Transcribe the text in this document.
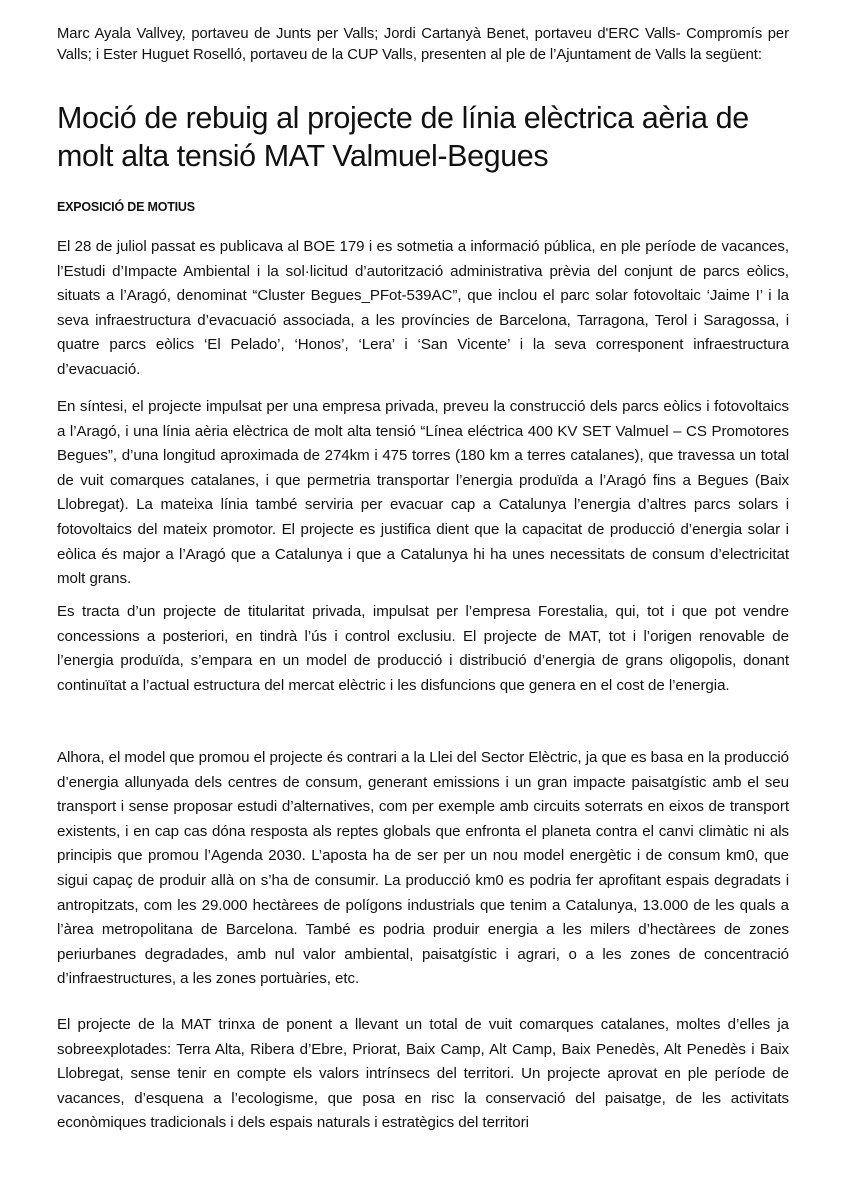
Marc Ayala Vallvey, portaveu de Junts per Valls; Jordi Cartanyà Benet, portaveu d'ERC Valls- Compromís per Valls; i Ester Huguet Roselló, portaveu de la CUP Valls, presenten al ple de l’Ajuntament de Valls la següent:
Moció de rebuig al projecte de línia elèctrica aèria de molt alta tensió MAT Valmuel-Begues
EXPOSICIÓ DE MOTIUS

El 28 de juliol passat es publicava al BOE 179 i es sotmetia a informació pública, en ple període de vacances, l’Estudi d’Impacte Ambiental i la sol·licitud d’autorització administrativa prèvia del conjunt de parcs eòlics, situats a l’Aragó, denominat “Cluster Begues_PFot-539AC”, que inclou el parc solar fotovoltaic ‘Jaime I’ i la seva infraestructura d’evacuació associada, a les províncies de Barcelona, Tarragona, Terol i Saragossa, i quatre parcs eòlics ‘El Pelado’, ‘Honos’, ‘Lera’ i ‘San Vicente’ i la seva corresponent infraestructura d’evacuació.

En síntesi, el projecte impulsat per una empresa privada, preveu la construcció dels parcs eòlics i fotovoltaics a l’Aragó, i una línia aèria elèctrica de molt alta tensió “Línea eléctrica 400 KV SET Valmuel – CS Promotores Begues”, d’una longitud aproximada de 274km i 475 torres (180 km a terres catalanes), que travessa un total de vuit comarques catalanes, i que permetria transportar l’energia produïda a l’Aragó fins a Begues (Baix Llobregat). La mateixa línia també serviria per evacuar cap a Catalunya l’energia d’altres parcs solars i fotovoltaics del mateix promotor. El projecte es justifica dient que la capacitat de producció d’energia solar i eòlica és major a l’Aragó que a Catalunya i que a Catalunya hi ha unes necessitats de consum d’electricitat molt grans.

Es tracta d’un projecte de titularitat privada, impulsat per l’empresa Forestalia, qui, tot i que pot vendre concessions a posteriori, en tindrà l’ús i control exclusiu. El projecte de MAT, tot i l’origen renovable de l’energia produïda, s’empara en un model de producció i distribució d’energia de grans oligopolis, donant continuïtat a l’actual estructura del mercat elèctric i les disfuncions que genera en el cost de l’energia.

Alhora, el model que promou el projecte és contrari a la Llei del Sector Elèctric, ja que es basa en la producció d’energia allunyada dels centres de consum, generant emissions i un gran impacte paisatgístic amb el seu transport i sense proposar estudi d’alternatives, com per exemple amb circuits soterrats en eixos de transport existents, i en cap cas dóna resposta als reptes globals que enfronta el planeta contra el canvi climàtic ni als principis que promou l’Agenda 2030. L’aposta ha de ser per un nou model energètic i de consum km0, que sigui capaç de produir allà on s’ha de consumir. La producció km0 es podria fer aprofitant espais degradats i antropitzats, com les 29.000 hectàrees de polígons industrials que tenim a Catalunya, 13.000 de les quals a l’àrea metropolitana de Barcelona. També es podria produir energia a les milers d’hectàrees de zones periurbanes degradades, amb nul valor ambiental, paisatgístic i agrari, o a les zones de concentració d’infraestructures, a les zones portuàries, etc.

El projecte de la MAT trinxa de ponent a llevant un total de vuit comarques catalanes, moltes d’elles ja sobreexplotades: Terra Alta, Ribera d’Ebre, Priorat, Baix Camp, Alt Camp, Baix Penedès, Alt Penedès i Baix Llobregat, sense tenir en compte els valors intrínsecs del territori. Un projecte aprovat en ple període de vacances, d’esquena a l’ecologisme, que posa en risc la conservació del paisatge, de les activitats econòmiques tradicionals i dels espais naturals i estratègics del territori
